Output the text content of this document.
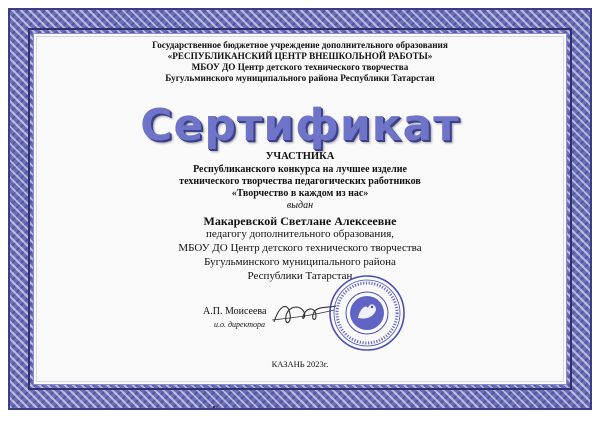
Государственное бюджетное учреждение дополнительного образования
«РЕСПУБЛИКАНСКИЙ ЦЕНТР ВНЕШКОЛЬНОЙ РАБОТЫ»
МБОУ ДО Центр детского технического творчества
Бугульминского муниципального района Республики Татарстан
Сертификат
УЧАСТНИКА
Республиканского конкурса на лучшее изделие
технического творчества педагогических работников
«Творчество в каждом из нас»
выдан
Макаревской Светлане Алексеевне
педагогу дополнительного образования,
МБОУ ДО Центр детского технического творчества
Бугульминского муниципального района
Республики Татарстан
А.П. Моисеева
и.о. директора
КАЗАНЬ 2023г.
